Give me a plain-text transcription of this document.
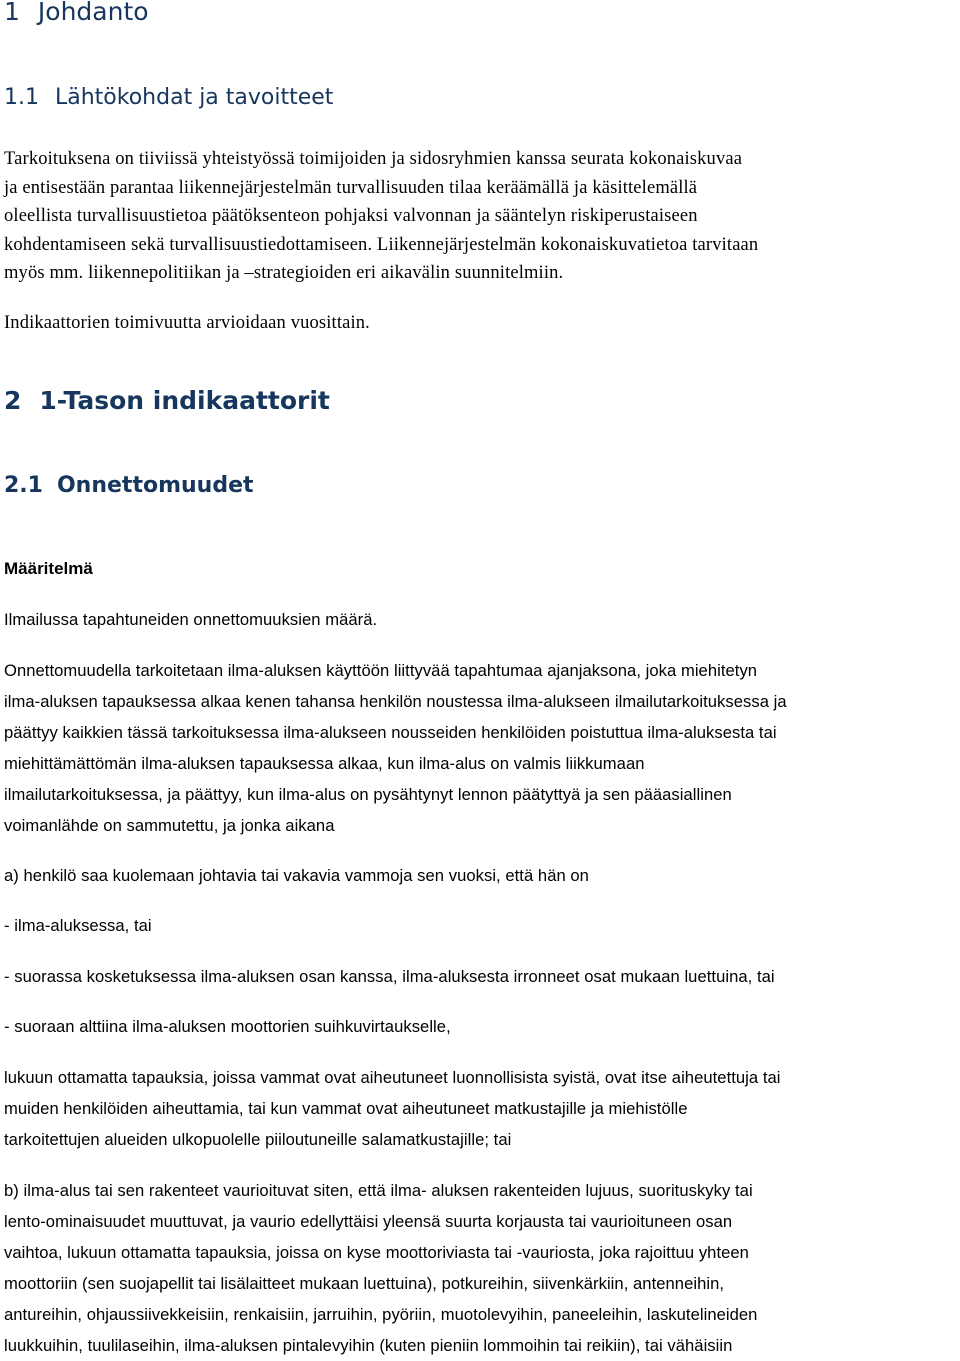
1 Johdanto
1.1 Lähtökohdat ja tavoitteet
Tarkoituksena on tiiviissä yhteistyössä toimijoiden ja sidosryhmien kanssa seurata kokonaiskuvaa
ja entisestään parantaa liikennejärjestelmän turvallisuuden tilaa keräämällä ja käsittelemällä
oleellista turvallisuustietoa päätöksenteon pohjaksi valvonnan ja sääntelyn riskiperustaiseen
kohdentamiseen sekä turvallisuustiedottamiseen. Liikennejärjestelmän kokonaiskuvatietoa tarvitaan
myös mm. liikennepolitiikan ja –strategioiden eri aikavälin suunnitelmiin.

Indikaattorien toimivuutta arvioidaan vuosittain.

2 1-Tason indikaattorit
2.1 Onnettomuudet

Määritelmä

Ilmailussa tapahtuneiden onnettomuuksien määrä.

Onnettomuudella tarkoitetaan ilma-aluksen käyttöön liittyvää tapahtumaa ajanjaksona, joka miehitetyn
ilma-aluksen tapauksessa alkaa kenen tahansa henkilön noustessa ilma-alukseen ilmailutarkoituksessa ja
päättyy kaikkien tässä tarkoituksessa ilma-alukseen nousseiden henkilöiden poistuttua ilma-aluksesta tai
miehittämättömän ilma-aluksen tapauksessa alkaa, kun ilma-alus on valmis liikkumaan
ilmailutarkoituksessa, ja päättyy, kun ilma-alus on pysähtynyt lennon päätyttyä ja sen pääasiallinen
voimanlähde on sammutettu, ja jonka aikana

a) henkilö saa kuolemaan johtavia tai vakavia vammoja sen vuoksi, että hän on

- ilma-aluksessa, tai

- suorassa kosketuksessa ilma-aluksen osan kanssa, ilma-aluksesta irronneet osat mukaan luettuina, tai

- suoraan alttiina ilma-aluksen moottorien suihkuvirtaukselle,

lukuun ottamatta tapauksia, joissa vammat ovat aiheutuneet luonnollisista syistä, ovat itse aiheutettuja tai
muiden henkilöiden aiheuttamia, tai kun vammat ovat aiheutuneet matkustajille ja miehistölle
tarkoitettujen alueiden ulkopuolelle piiloutuneille salamatkustajille; tai
b) ilma-alus tai sen rakenteet vaurioituvat siten, että ilma- aluksen rakenteiden lujuus, suorituskyky tai
lento-ominaisuudet muuttuvat, ja vaurio edellyttäisi yleensä suurta korjausta tai vaurioituneen osan
vaihtoa, lukuun ottamatta tapauksia, joissa on kyse moottoriviasta tai -vauriosta, joka rajoittuu yhteen
moottoriin (sen suojapellit tai lisälaitteet mukaan luettuina), potkureihin, siivenkärkiin, antenneihin,
antureihin, ohjaussiivekkeisiin, renkaisiin, jarruihin, pyöriin, muotolevyihin, paneeleihin, laskutelineiden
luukkuihin, tuulilaseihin, ilma-aluksen pintalevyihin (kuten pieniin lommoihin tai reikiin), tai vähäisiin
